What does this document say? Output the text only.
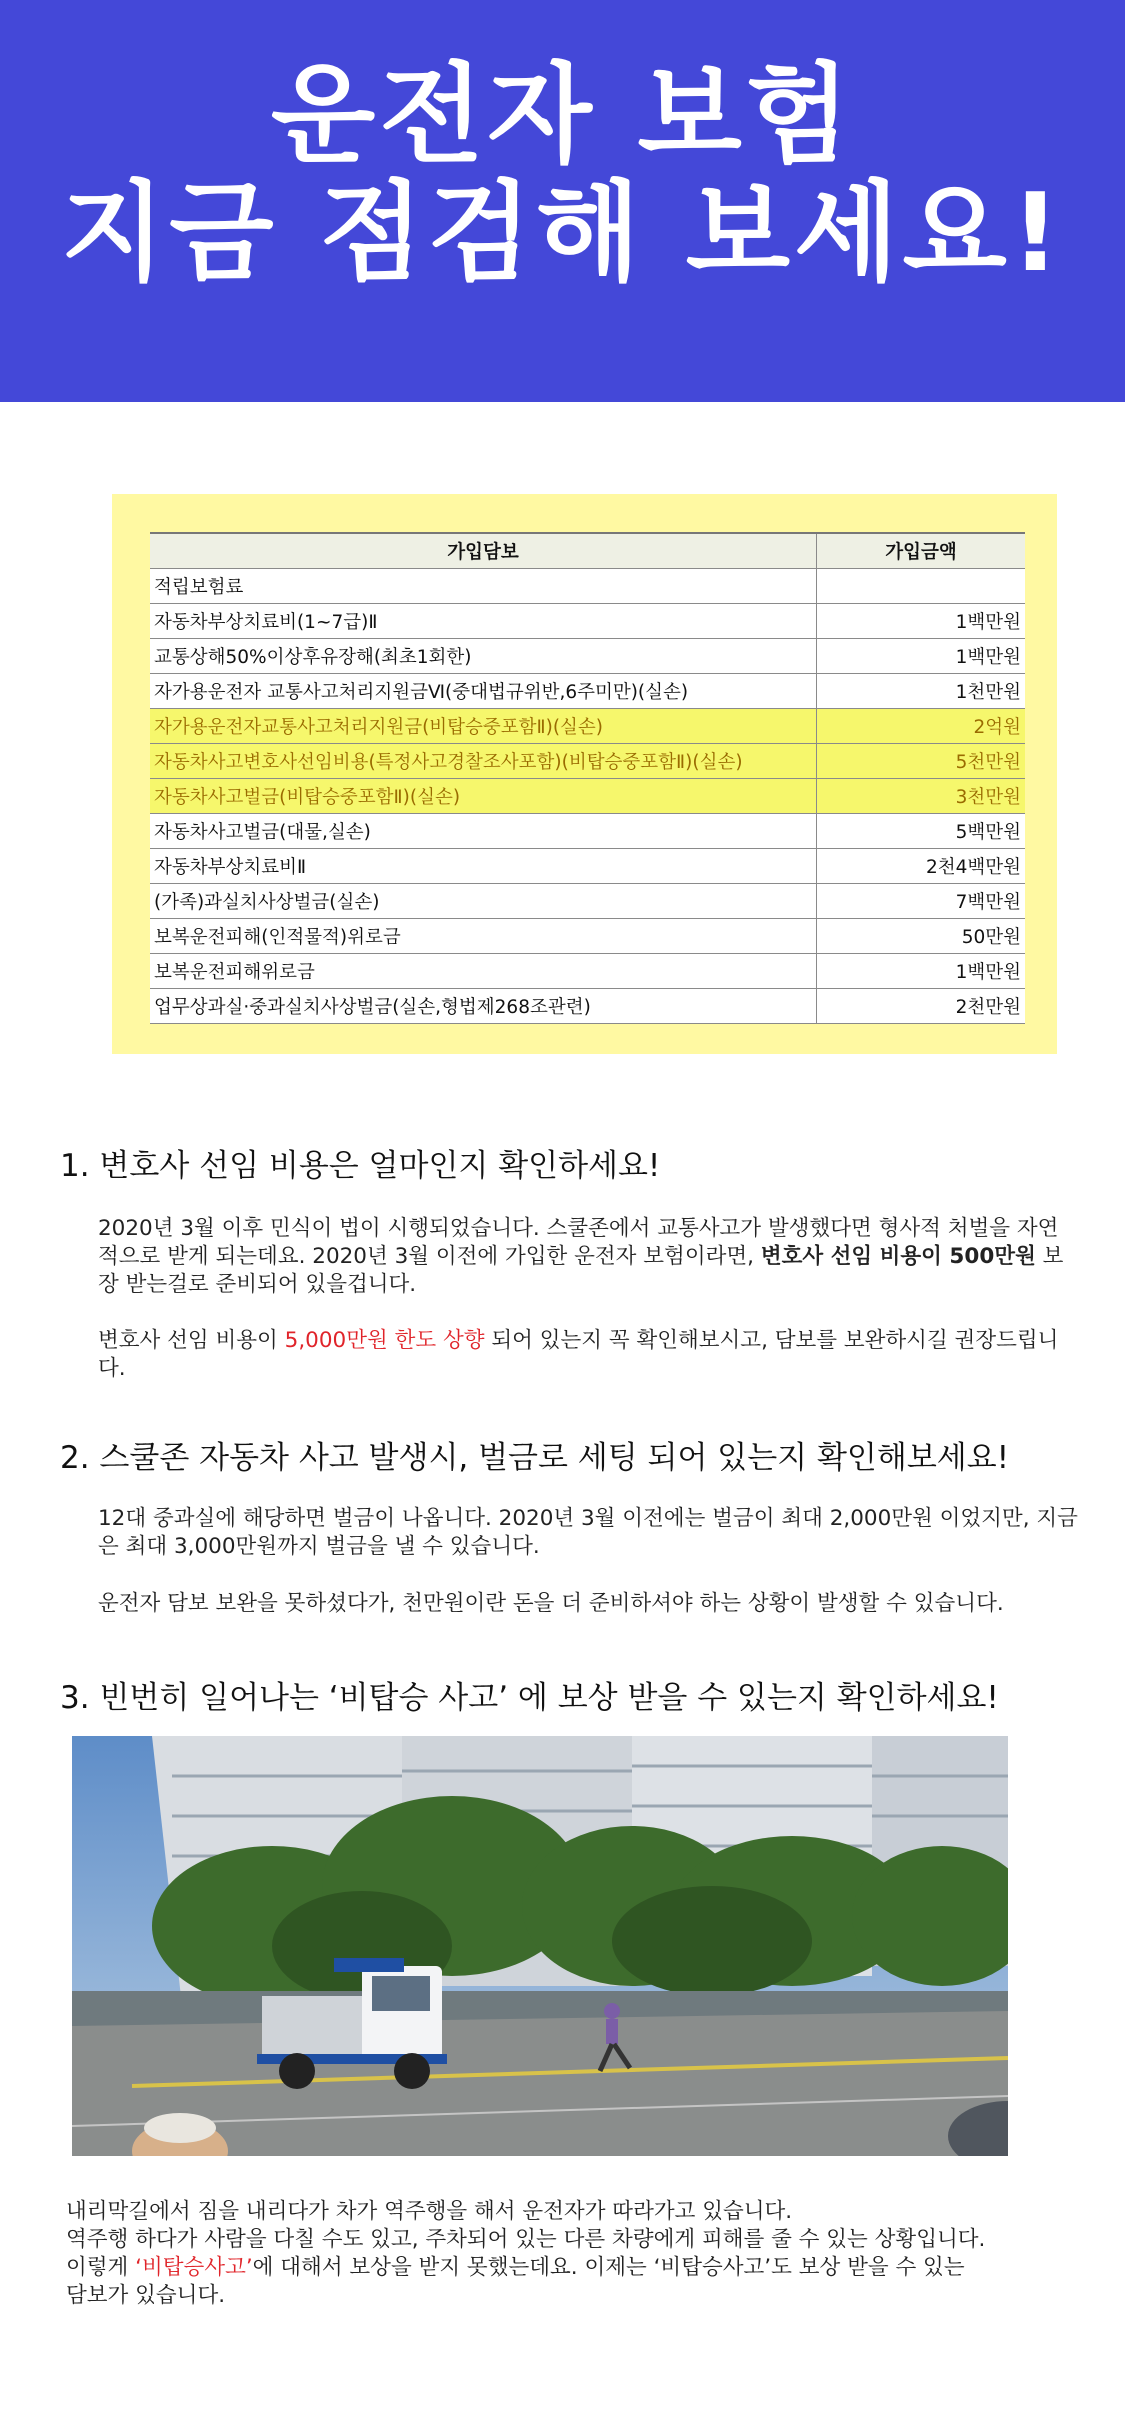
운전자 보험
지금 점검해 보세요!
가입담보	가입금액
적립보험료	
자동차부상치료비(1~7급)Ⅱ	1백만원
교통상해50%이상후유장해(최초1회한)	1백만원
자가용운전자 교통사고처리지원금Ⅵ(중대법규위반,6주미만)(실손)	1천만원
자가용운전자교통사고처리지원금(비탑승중포함Ⅱ)(실손)	2억원
자동차사고변호사선임비용(특정사고경찰조사포함)(비탑승중포함Ⅱ)(실손)	5천만원
자동차사고벌금(비탑승중포함Ⅱ)(실손)	3천만원
자동차사고벌금(대물,실손)	5백만원
자동차부상치료비Ⅱ	2천4백만원
(가족)과실치사상벌금(실손)	7백만원
보복운전피해(인적물적)위로금	50만원
보복운전피해위로금	1백만원
업무상과실·중과실치사상벌금(실손,형법제268조관련)	2천만원
1. 변호사 선임 비용은 얼마인지 확인하세요!
2020년 3월 이후 민식이 법이 시행되었습니다. 스쿨존에서 교통사고가 발생했다면 형사적 처벌을 자연적으로 받게 되는데요. 2020년 3월 이전에 가입한 운전자 보험이라면, 변호사 선임 비용이 500만원 보장 받는걸로 준비되어 있을겁니다.
변호사 선임 비용이 5,000만원 한도 상향 되어 있는지 꼭 확인해보시고, 담보를 보완하시길 권장드립니다.
2. 스쿨존 자동차 사고 발생시, 벌금로 세팅 되어 있는지 확인해보세요!
12대 중과실에 해당하면 벌금이 나옵니다. 2020년 3월 이전에는 벌금이 최대 2,000만원 이었지만, 지금은 최대 3,000만원까지 벌금을 낼 수 있습니다.
운전자 담보 보완을 못하셨다가, 천만원이란 돈을 더 준비하셔야 하는 상황이 발생할 수 있습니다.
3. 빈번히 일어나는 ‘비탑승 사고’ 에 보상 받을 수 있는지 확인하세요!
내리막길에서 짐을 내리다가 차가 역주행을 해서 운전자가 따라가고 있습니다.
역주행 하다가 사람을 다칠 수도 있고, 주차되어 있는 다른 차량에게 피해를 줄 수 있는 상황입니다.
이렇게 ‘비탑승사고’에 대해서 보상을 받지 못했는데요. 이제는 ‘비탑승사고’도 보상 받을 수 있는
담보가 있습니다.
